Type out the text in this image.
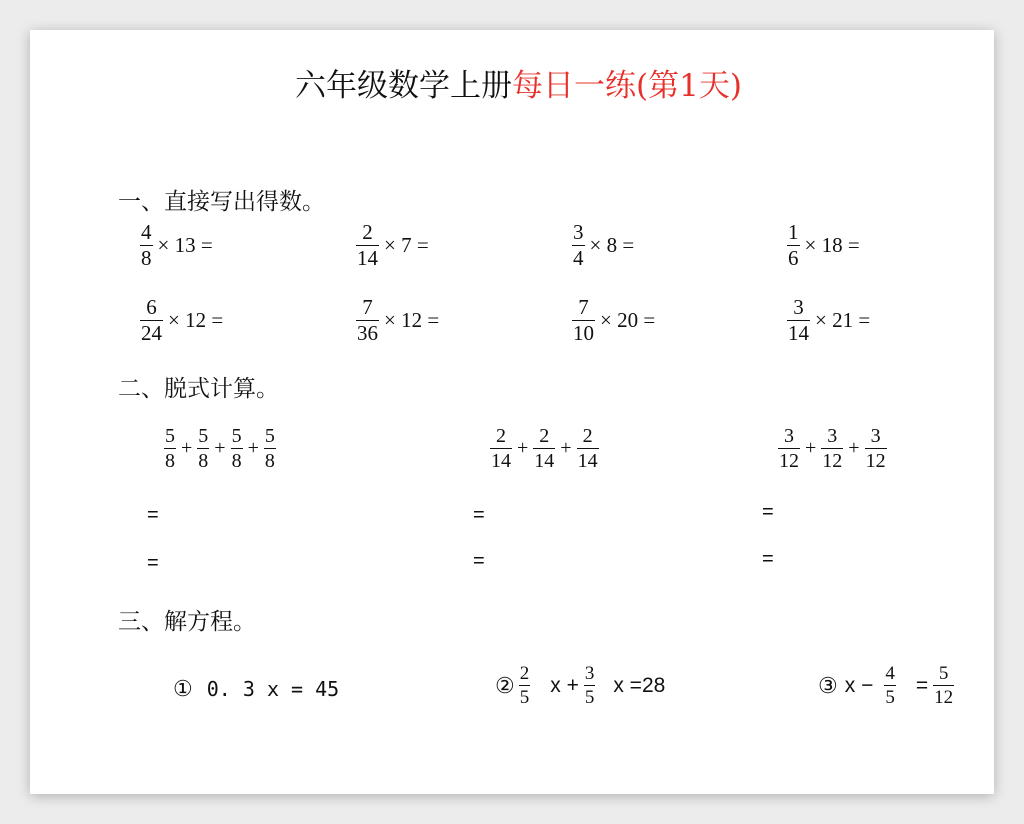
六年级数学上册每日一练(第1天)
一、直接写出得数。
$\frac{4}{8} \times 13$ =	$\frac{2}{14} \times 7$ =	$\frac{3}{4} \times 8$ =	$\frac{1}{6} \times 18$ =
$\frac{6}{24} \times 12$ =	$\frac{7}{36} \times 12$ =	$\frac{7}{10} \times 20$ =	$\frac{3}{14} \times 21$ =
二、脱式计算。
$\frac{5}{8} + \frac{5}{8} + \frac{5}{8} + \frac{5}{8}$	$\frac{2}{14} + \frac{2}{14} + \frac{2}{14}$	$\frac{3}{12} + \frac{3}{12} + \frac{3}{12}$
=	=	=
=	=	=
三、解方程。
① 0. 3 x = 45	② $\frac{2}{5}$ $x + \frac{3}{5}$ x =28	③ $x - \frac{4}{5} = \frac{5}{12}$
